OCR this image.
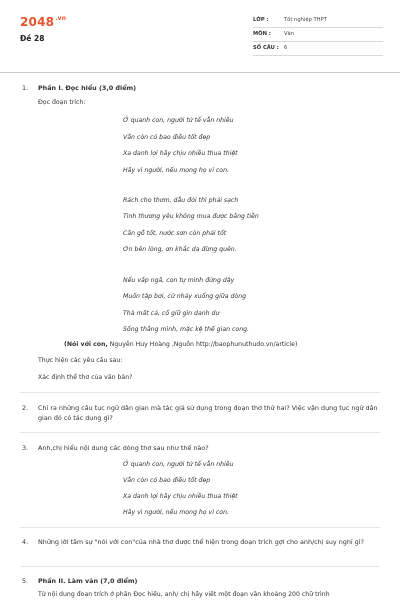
$2048^{.vn}$
Đề 28
LỚP :	Tốt nghiệp THPT
MÔN :	Văn
SỐ CÂU : 6
1. Phần I. Đọc hiểu (3,0 điểm)
Đọc đoạn trích:
Ở quanh con, người tứ tế vẫn nhiều
Vẫn còn có bao điều tốt đẹp
Xa danh lợi hãy chịu nhiều thua thiệt
Hãy vì người, nếu mong họ vì con.
Rách cho thơm, dẫu đói thì phải sạch
Tình thương yêu không mua được bằng tiền
Cần gỗ tốt, nước sơn còn phải tốt
Ơn bên lòng, ơn khắc dạ đừng quên.
Nếu vấp ngã, con tự mình đứng dậy
Muốn tập bơi, cứ nhảy xuống giữa dòng
Thà mất cả, cố giữ gìn danh dự
Sống thẳng mình, mặc kệ thế gian cong.
(Nói với con, Nguyễn Huy Hoàng ,Nguồn http://baophunuthudo.vn/article)
Thực hiện các yêu cầu sau:
Xác định thể thơ của văn bản?
2. Chỉ ra những câu tục ngữ dân gian mà tác giả sử dụng trong đoạn thơ thứ hai? Việc vận dụng tục ngữ dân gian đó có tác dụng gì?
3. Anh,chị hiểu nội dung các dòng thơ sau như thế nào?
Ở quanh con, người tứ tế vẫn nhiều
Vẫn còn có bao điều tốt đẹp
Xa danh lợi hãy chịu nhiều thua thiệt
Hãy vì người, nếu mong họ vì con.
4. Những lời tâm sự "nói với con"của nhà thơ được thể hiện trong đoạn trích gợi cho anh/chị suy nghĩ gì?
5. Phần II. Làm văn (7,0 điểm)
Từ nội dung đoạn trích ở phần Đọc hiểu, anh/ chị hãy viết một đoạn văn khoảng 200 chữ trình
